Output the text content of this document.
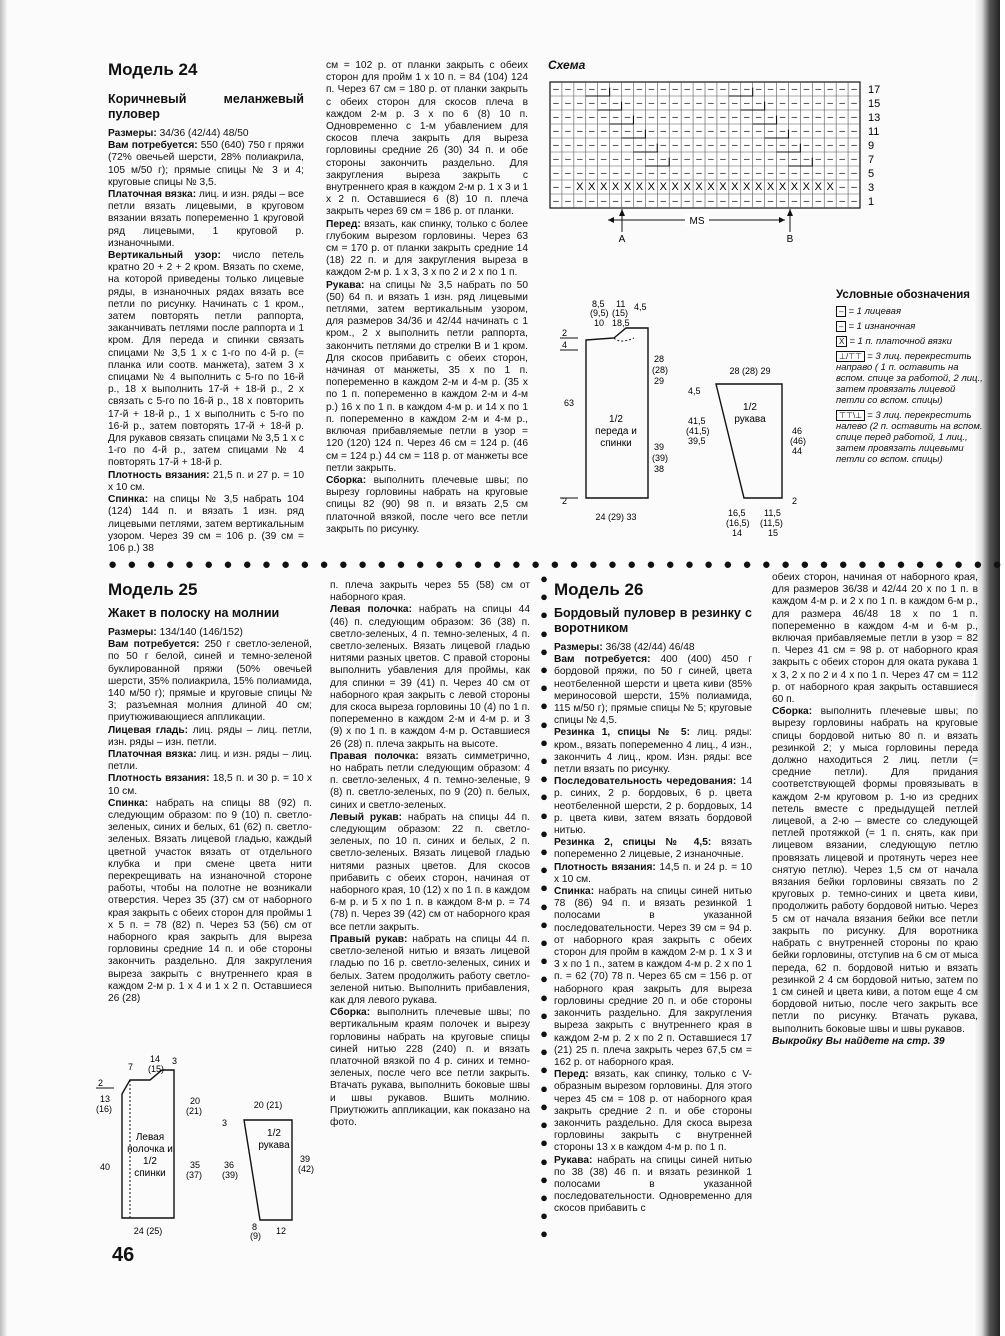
Модель 24
Коричневый меланжевый пуловер

Размеры: 34/36 (42/44) 48/50

Вам потребуется: 550 (640) 750 г пряжи (72% овечьей шерсти, 28% полиакрила, 105 м/50 г); прямые спицы № 3 и 4; круговые спицы № 3,5.

Платочная вязка: лиц. и изн. ряды – все петли вязать лицевыми, в круговом вязании вязать попеременно 1 круговой ряд лицевыми, 1 круговой р. изнаночными.

Вертикальный узор: число петель кратно 20 + 2 + 2 кром. Вязать по схеме, на которой приведены только лицевые ряды, в изнаночных рядах вязать все петли по рисунку. Начинать с 1 кром., затем повторять петли раппорта, заканчивать петлями после раппорта и 1 кром. Для переда и спинки связать спицами № 3,5 1 х с 1-го по 4-й р. (= планка или соотв. манжета), затем 3 х спицами № 4 выполнить с 5-го по 16-й р., 18 х выполнить 17-й + 18-й р., 2 х связать с 5-го по 16-й р., 18 х повторить 17-й + 18-й р., 1 х выполнить с 5-го по 16-й р., затем повторять 17-й + 18-й р. Для рукавов связать спицами № 3,5 1 х с 1-го по 4-й р., затем спицами № 4 повторять 17-й + 18-й р.

Плотность вязания: 21,5 п. и 27 р. = 10 х 10 см.

Спинка: на спицы № 3,5 набрать 104 (124) 144 п. и вязать 1 изн. ряд лицевыми петлями, затем вертикальным узором. Через 39 см = 106 р. (39 см = 106 р.) 38

см = 102 р. от планки закрыть с обеих сторон для пройм 1 х 10 п. = 84 (104) 124 п. Через 67 см = 180 р. от планки закрыть с обеих сторон для скосов плеча в каждом 2-м р. 3 х по 6 (8) 10 п. Одновременно с 1-м убавлением для скосов плеча закрыть для выреза горловины средние 26 (30) 34 п. и обе стороны закончить раздельно. Для закругления выреза закрыть с внутреннего края в каждом 2-м р. 1 х 3 и 1 х 2 п. Оставшиеся 6 (8) 10 п. плеча закрыть через 69 см = 186 р. от планки.

Перед: вязать, как спинку, только с более глубоким вырезом горловины. Через 63 см = 170 р. от планки закрыть средние 14 (18) 22 п. и для закругления выреза в каждом 2-м р. 1 х 3, 3 х по 2 и 2 х по 1 п.

Рукава: на спицы № 3,5 набрать по 50 (50) 64 п. и вязать 1 изн. ряд лицевыми петлями, затем вертикальным узором, для размеров 34/36 и 42/44 начинать с 1 кром., 2 х выполнить петли раппорта, закончить петлями до стрелки В и 1 кром. Для скосов прибавить с обеих сторон, начиная от манжеты, 35 х по 1 п. попеременно в каждом 2-м и 4-м р. (35 х по 1 п. попеременно в каждом 2-м и 4-м р.) 16 х по 1 п. в каждом 4-м р. и 14 х по 1 п. попеременно в каждом 2-м и 4-м р., включая прибавляемые петли в узор = 120 (120) 124 п. Через 46 см = 124 р. (46 см = 124 р.) 44 см = 118 р. от манжеты все петли закрыть.

Сборка: выполнить плечевые швы; по вырезу горловины набрать на круговые спицы 82 (90) 98 п. и вязать 2,5 см платочной вязкой, после чего все петли закрыть по рисунку.

Схема
– – – – – – – – – – – – – – – – – – – – – – – – – –
– – – – – – – – – – – – – – – – – – – – – – – – – –
– – – – – – – – – – – – – – – – – – – – – – – – – –
– – – – – – – – – – – – – – – – – – – – – – – – – –
– – – – – – – – – – – – – – – – – – – – – – – – – –
– – – – – – – – – – – – – – – – – – – – – – – – – –
– – – – – – – – – – – – – – – – – – – – – – – – – –
– – X X X X X X X X X X X X X X X X X X X X X X – –
– – – – – – – – – – – – – – – – – – – – – – – – – –
17
15
13
11
9
7
5
3
1
MS
A	B
Условные обозначения
– = 1 лицевая
– = 1 изнаночная
X = 1 п. платочной вязки
⊥/⊤⊤ = 3 лиц. перекрестить направо ( 1 п. оставить на вспом. спице за работой, 2 лиц., затем провязать лицевой петли со вспом. спицы)
⊤⊤\⊥ = 3 лиц. перекрестить налево (2 п. оставить на вспом. спице перед работой, 1 лиц., затем провязать лицевыми петли со вспом. спицы)
1/2
переда и
спинки
8,5
(9,5)
10
11
(15)
18,5
4,5
2
4
63
28
(28)
29
39
(39)
38
2
24 (29) 33
1/2
рукава
28 (28) 29
4,5
41,5
(41,5)
39,5
46
(46)
44
2
16,5
(16,5)
14
11,5
(11,5)
15
● ● ● ● ● ● ● ● ● ● ● ● ● ● ● ● ● ● ● ● ● ● ● ● ● ● ● ● ● ● ● ● ● ● ● ● ● ● ● ● ● ● ● ● ● ● ●
●
●
●
●
●
●
●
●
●
●
●
●
●
●
●
●
●
●
●
●
●
●
●
●
●
●
●
●
●
●
●
●
●
●
●
●
●
Модель 25
Жакет в полоску на молнии

Размеры: 134/140 (146/152)

Вам потребуется: 250 г светло-зеленой, по 50 г белой, синей и темно-зеленой буклированной пряжи (50% овечьей шерсти, 35% полиакрила, 15% полиамида, 140 м/50 г); прямые и круговые спицы № 3; разъемная молния длиной 40 см; приутюживающиеся аппликации.

Лицевая гладь: лиц. ряды – лиц. петли, изн. ряды – изн. петли.

Платочная вязка: лиц. и изн. ряды – лиц. петли.

Плотность вязания: 18,5 п. и 30 р. = 10 х 10 см.

Спинка: набрать на спицы 88 (92) п. следующим образом: по 9 (10) п. светло-зеленых, синих и белых, 61 (62) п. светло-зеленых. Вязать лицевой гладью, каждый цветной участок вязать от отдельного клубка и при смене цвета нити перекрещивать на изнаночной стороне работы, чтобы на полотне не возникали отверстия. Через 35 (37) см от наборного края закрыть с обеих сторон для проймы 1 х 5 п. = 78 (82) п. Через 53 (56) см от наборного края закрыть для выреза горловины средние 14 п. и обе стороны закончить раздельно. Для закругления выреза закрыть с внутреннего края в каждом 2-м р. 1 х 4 и 1 х 2 п. Оставшиеся 26 (28)

п. плеча закрыть через 55 (58) см от наборного края.

Левая полочка: набрать на спицы 44 (46) п. следующим образом: 36 (38) п. светло-зеленых, 4 п. темно-зеленых, 4 п. светло-зеленых. Вязать лицевой гладью нитями разных цветов. С правой стороны выполнить убавления для проймы, как для спинки = 39 (41) п. Через 40 см от наборного края закрыть с левой стороны для скоса выреза горловины 10 (4) по 1 п. попеременно в каждом 2-м и 4-м р. и 3 (9) х по 1 п. в каждом 4-м р. Оставшиеся 26 (28) п. плеча закрыть на высоте.

Правая полочка: вязать симметрично, но набрать петли следующим образом: 4 п. светло-зеленых, 4 п. темно-зеленые, 9 (8) п. светло-зеленых, по 9 (20) п. белых, синих и светло-зеленых.

Левый рукав: набрать на спицы 44 п. следующим образом: 22 п. светло-зеленых, по 10 п. синих и белых, 2 п. светло-зеленых. Вязать лицевой гладью нитями разных цветов. Для скосов прибавить с обеих сторон, начиная от наборного края, 10 (12) х по 1 п. в каждом 6-м р. и 5 х по 1 п. в каждом 8-м р. = 74 (78) п. Через 39 (42) см от наборного края все петли закрыть.

Правый рукав: набрать на спицы 44 п. светло-зеленой нитью и вязать лицевой гладью по 16 р. светло-зеленых, синих и белых. Затем продолжить работу светло-зеленой нитью. Выполнить прибавления, как для левого рукава.

Сборка: выполнить плечевые швы; по вертикальным краям полочек и вырезу горловины набрать на круговые спицы синей нитью 228 (240) п. и вязать платочной вязкой по 4 р. синих и темно-зеленых, после чего все петли закрыть. Втачать рукава, выполнить боковые швы и швы рукавов. Вшить молнию. Приутюжить аппликации, как показано на фото.

Левая
полочка и
1/2
спинки
7
14
(15)
3
2
13
(16)
20
(21)
40	35
(37)
24 (25)
1/2
рукава
20 (21)
3
36
(39)
39
(42)
8
(9) 12
Модель 26
Бордовый пуловер в резинку с воротником

Размеры: 36/38 (42/44) 46/48

Вам потребуется: 400 (400) 450 г бордовой пряжи, по 50 г синей, цвета неотбеленной шерсти и цвета киви (85% мериносовой шерсти, 15% полиамида, 115 м/50 г); прямые спицы № 5; круговые спицы № 4,5.

Резинка 1, спицы № 5: лиц. ряды: кром., вязать попеременно 4 лиц., 4 изн., закончить 4 лиц., кром. Изн. ряды: все петли вязать по рисунку.

Последовательность чередования: 14 р. синих, 2 р. бордовых, 6 р. цвета неотбеленной шерсти, 2 р. бордовых, 14 р. цвета киви, затем вязать бордовой нитью.

Резинка 2, спицы № 4,5: вязать попеременно 2 лицевые, 2 изнаночные.

Плотность вязания: 14,5 п. и 24 р. = 10 х 10 см.

Спинка: набрать на спицы синей нитью 78 (86) 94 п. и вязать резинкой 1 полосами в указанной последовательности. Через 39 см = 94 р. от наборного края закрыть с обеих сторон для пройм в каждом 2-м р. 1 х 3 и 3 х по 1 п., затем в каждом 4-м р. 2 х по 1 п. = 62 (70) 78 п. Через 65 см = 156 р. от наборного края закрыть для выреза горловины средние 20 п. и обе стороны закончить раздельно. Для закругления выреза закрыть с внутреннего края в каждом 2-м р. 2 х по 2 п. Оставшиеся 17 (21) 25 п. плеча закрыть через 67,5 см = 162 р. от наборного края.

Перед: вязать, как спинку, только с V-образным вырезом горловины. Для этого через 45 см = 108 р. от наборного края закрыть средние 2 п. и обе стороны закончить раздельно. Для скоса выреза горловины закрыть с внутренней стороны 13 х в каждом 4-м р. по 1 п.

Рукава: набрать на спицы синей нитью по 38 (38) 46 п. и вязать резинкой 1 полосами в указанной последовательности. Одновременно для скосов прибавить с

обеих сторон, начиная от наборного края, для размеров 36/38 и 42/44 20 х по 1 п. в каждом 4-м р. и 2 х по 1 п. в каждом 6-м р., для размера 46/48 18 х по 1 п. попеременно в каждом 4-м и 6-м р., включая прибавляемые петли в узор = 82 п. Через 41 см = 98 р. от наборного края закрыть с обеих сторон для оката рукава 1 х 3, 2 х по 2 и 4 х по 1 п. Через 47 см = 112 р. от наборного края закрыть оставшиеся 60 п.

Сборка: выполнить плечевые швы; по вырезу горловины набрать на круговые спицы бордовой нитью 80 п. и вязать резинкой 2; у мыса горловины переда должно находиться 2 лиц. петли (= средние петли). Для придания соответствующей формы провязывать в каждом 2-м круговом р. 1-ю из средних петель вместе с предыдущей петлей лицевой, а 2-ю – вместе со следующей петлей протяжкой (= 1 п. снять, как при лицевом вязании, следующую петлю провязать лицевой и протянуть через нее снятую петлю). Через 1,5 см от начала вязания бейки горловины связать по 2 круговых р. темно-синих и цвета киви, продолжить работу бордовой нитью. Через 5 см от начала вязания бейки все петли закрыть по рисунку. Для воротника набрать с внутренней стороны по краю бейки горловины, отступив на 6 см от мыса переда, 62 п. бордовой нитью и вязать резинкой 2 4 см бордовой нитью, затем по 1 см синей и цвета киви, а потом еще 4 см бордовой нитью, после чего закрыть все петли по рисунку. Втачать рукава, выполнить боковые швы и швы рукавов.

Выкройку Вы найдете на стр. 39

46
